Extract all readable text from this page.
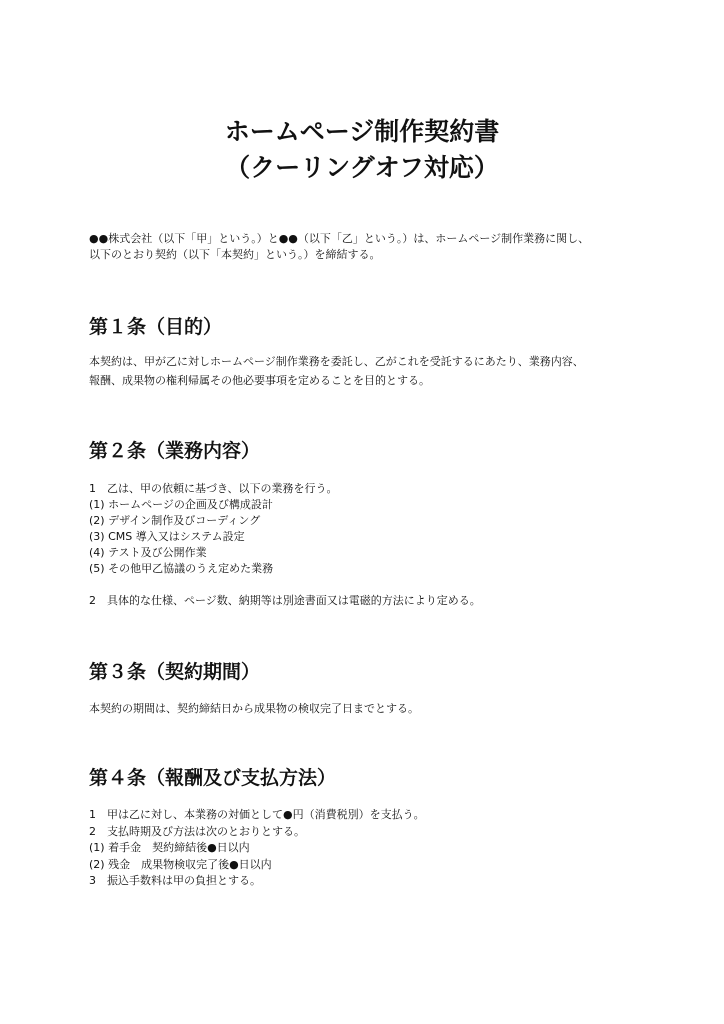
ホームページ制作契約書
（クーリングオフ対応）
●●株式会社（以下「甲」という。）と●●（以下「乙」という。）は、ホームページ制作業務に関し、
以下のとおり契約（以下「本契約」という。）を締結する。
第１条（目的）
本契約は、甲が乙に対しホームページ制作業務を委託し、乙がこれを受託するにあたり、業務内容、
報酬、成果物の権利帰属その他必要事項を定めることを目的とする。
第２条（業務内容）
1　乙は、甲の依頼に基づき、以下の業務を行う。
(1) ホームページの企画及び構成設計
(2) デザイン制作及びコーディング
(3) CMS 導入又はシステム設定
(4) テスト及び公開作業
(5) その他甲乙協議のうえ定めた業務
2　具体的な仕様、ページ数、納期等は別途書面又は電磁的方法により定める。
第３条（契約期間）
本契約の期間は、契約締結日から成果物の検収完了日までとする。
第４条（報酬及び支払方法）
1　甲は乙に対し、本業務の対価として●円（消費税別）を支払う。
2　支払時期及び方法は次のとおりとする。
(1) 着手金　契約締結後●日以内
(2) 残金　成果物検収完了後●日以内
3　振込手数料は甲の負担とする。
